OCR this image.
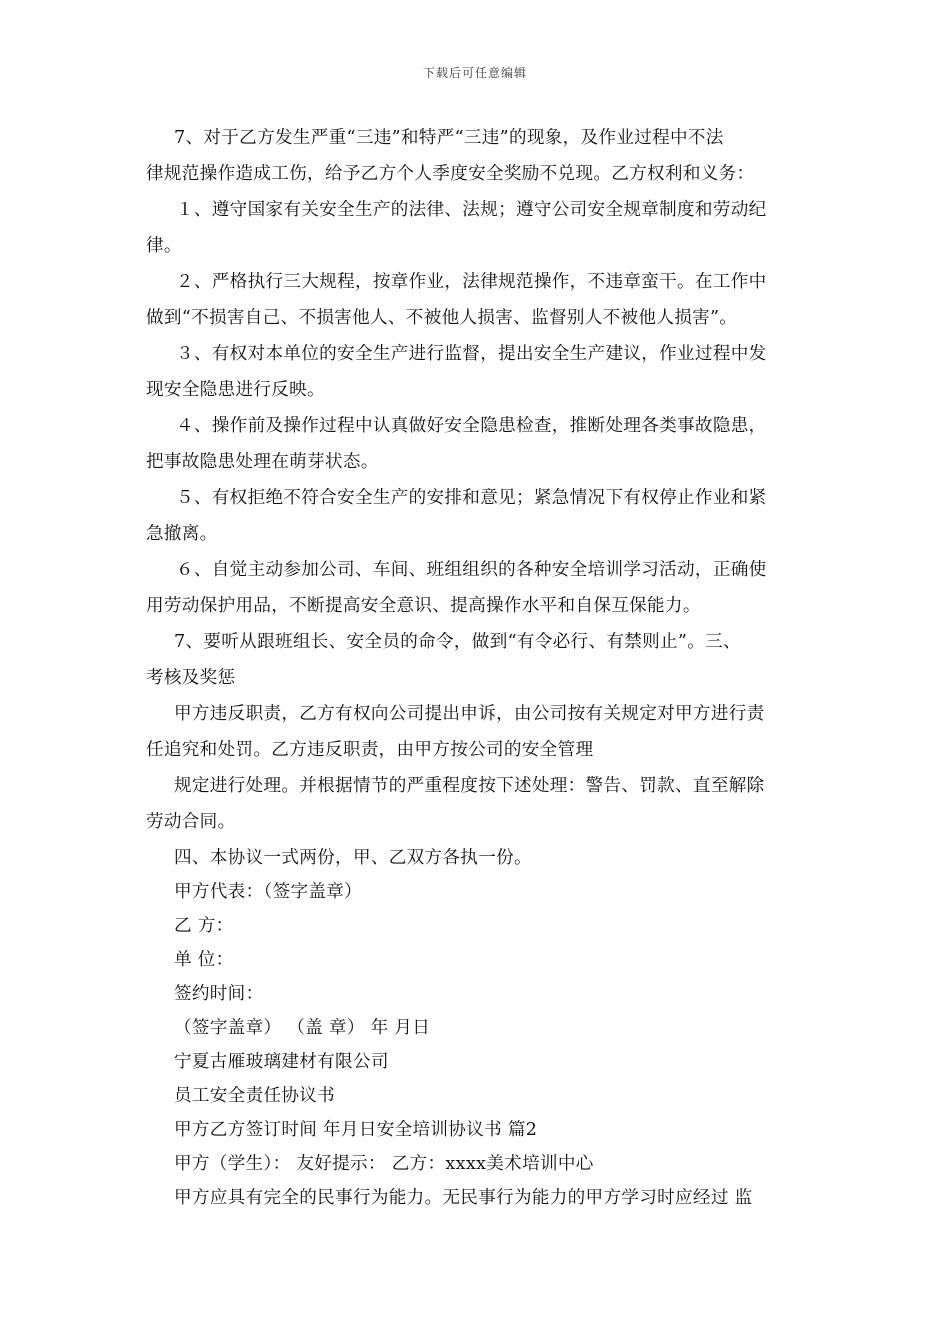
下载后可任意编辑
7、对于乙方发生严重“三违”和特严“三违”的现象，及作业过程中不法
律规范操作造成工伤，给予乙方个人季度安全奖励不兑现。乙方权利和义务：
１、遵守国家有关安全生产的法律、法规；遵守公司安全规章制度和劳动纪
律。
２、严格执行三大规程，按章作业，法律规范操作，不违章蛮干。在工作中
做到“不损害自己、不损害他人、不被他人损害、监督别人不被他人损害”。
３、有权对本单位的安全生产进行监督，提出安全生产建议，作业过程中发
现安全隐患进行反映。
４、操作前及操作过程中认真做好安全隐患检查，推断处理各类事故隐患，
把事故隐患处理在萌芽状态。
５、有权拒绝不符合安全生产的安排和意见；紧急情况下有权停止作业和紧
急撤离。
６、自觉主动参加公司、车间、班组组织的各种安全培训学习活动，正确使
用劳动保护用品，不断提高安全意识、提高操作水平和自保互保能力。
7、要听从跟班组长、安全员的命令，做到“有令必行、有禁则止”。三、
考核及奖惩
甲方违反职责，乙方有权向公司提出申诉，由公司按有关规定对甲方进行责
任追究和处罚。乙方违反职责，由甲方按公司的安全管理
规定进行处理。并根据情节的严重程度按下述处理：警告、罚款、直至解除
劳动合同。
四、本协议一式两份，甲、乙双方各执一份。
甲方代表：（签字盖章）
乙 方：
单 位：
签约时间：
（签字盖章） （盖 章） 年 月日
宁夏古雁玻璃建材有限公司
员工安全责任协议书
甲方乙方签订时间 年月日安全培训协议书 篇2
甲方（学生）： 友好提示： 乙方：xxxx美术培训中心
甲方应具有完全的民事行为能力。无民事行为能力的甲方学习时应经过 监
